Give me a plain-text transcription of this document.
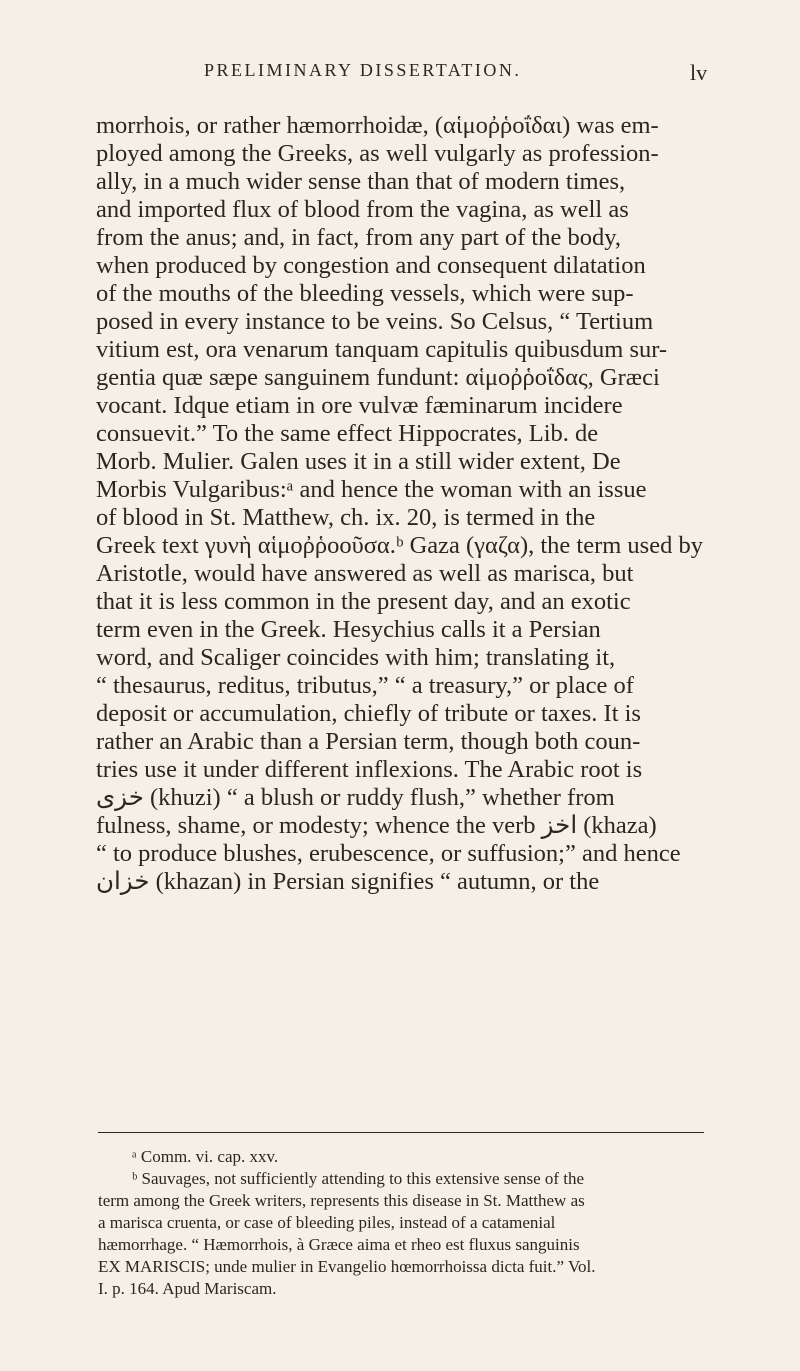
PRELIMINARY DISSERTATION.	lv
morrhois, or rather hæmorrhoidæ, (αἱμοῤῥοΐδαι) was em-
ployed among the Greeks, as well vulgarly as profession-
ally, in a much wider sense than that of modern times,
and imported flux of blood from the vagina, as well as
from the anus; and, in fact, from any part of the body,
when produced by congestion and consequent dilatation
of the mouths of the bleeding vessels, which were sup-
posed in every instance to be veins. So Celsus, “ Tertium
vitium est, ora venarum tanquam capitulis quibusdum sur-
gentia quæ sæpe sanguinem fundunt: αἱμοῤῥοΐδας, Græci
vocant. Idque etiam in ore vulvæ fæminarum incidere
consuevit.” To the same effect Hippocrates, Lib. de
Morb. Mulier. Galen uses it in a still wider extent, De
Morbis Vulgaribus:ᵃ and hence the woman with an issue
of blood in St. Matthew, ch. ix. 20, is termed in the
Greek text γυνὴ αἱμοῤῥοοῦσα.ᵇ Gaza (γαζα), the term used by
Aristotle, would have answered as well as marisca, but
that it is less common in the present day, and an exotic
term even in the Greek. Hesychius calls it a Persian
word, and Scaliger coincides with him; translating it,
“ thesaurus, reditus, tributus,” “ a treasury,” or place of
deposit or accumulation, chiefly of tribute or taxes. It is
rather an Arabic than a Persian term, though both coun-
tries use it under different inflexions. The Arabic root is
خزى (khuzi) “ a blush or ruddy flush,” whether from
fulness, shame, or modesty; whence the verb اخز (khaza)
“ to produce blushes, erubescence, or suffusion;” and hence
خزان (khazan) in Persian signifies “ autumn, or the
ᵃ Comm. vi. cap. xxv.
ᵇ Sauvages, not sufficiently attending to this extensive sense of the
term among the Greek writers, represents this disease in St. Matthew as
a marisca cruenta, or case of bleeding piles, instead of a catamenial
hæmorrhage. “ Hæmorrhois, à Græce aima et rheo est fluxus sanguinis
EX MARISCIS; unde mulier in Evangelio hœmorrhoissa dicta fuit.” Vol.
I. p. 164. Apud Mariscam.
